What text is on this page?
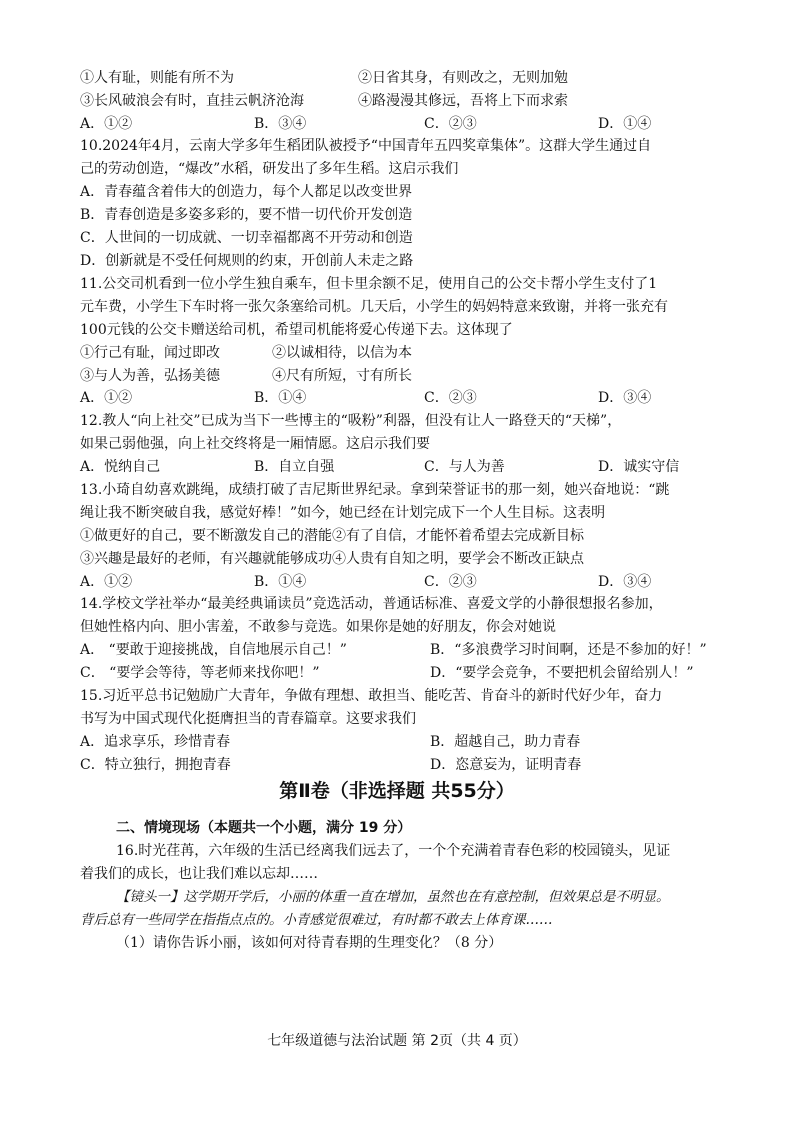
①人有耻，则能有所不为	②日省其身，有则改之，无则加勉
③长风破浪会有时，直挂云帆济沧海	④路漫漫其修远，吾将上下而求索
A．①②	B．③④	C．②③	D．①④
10.2024年4月，云南大学多年生稻团队被授予“中国青年五四奖章集体”。这群大学生通过自
己的劳动创造，“爆改”水稻，研发出了多年生稻。这启示我们
A．青春蕴含着伟大的创造力，每个人都足以改变世界
B．青春创造是多姿多彩的，要不惜一切代价开发创造
C．人世间的一切成就、一切幸福都离不开劳动和创造
D．创新就是不受任何规则的约束，开创前人未走之路
11.公交司机看到一位小学生独自乘车，但卡里余额不足，使用自己的公交卡帮小学生支付了1
元车费，小学生下车时将一张欠条塞给司机。几天后，小学生的妈妈特意来致谢，并将一张充有
100元钱的公交卡赠送给司机，希望司机能将爱心传递下去。这体现了
①行己有耻，闻过即改	②以诚相待，以信为本
③与人为善，弘扬美德	④尺有所短，寸有所长
A．①②	B．①④	C．②③	D．③④
12.教人“向上社交”已成为当下一些博主的“吸粉”利器，但没有让人一路登天的“天梯”，
如果己弱他强，向上社交终将是一厢情愿。这启示我们要
A．悦纳自己	B．自立自强	C．与人为善	D．诚实守信
13.小琦自幼喜欢跳绳，成绩打破了吉尼斯世界纪录。拿到荣誉证书的那一刻，她兴奋地说：“跳
绳让我不断突破自我，感觉好棒！”如今，她已经在计划完成下一个人生目标。这表明
①做更好的自己，要不断激发自己的潜能②有了自信，才能怀着希望去完成新目标
③兴趣是最好的老师，有兴趣就能够成功④人贵有自知之明，要学会不断改正缺点
A．①②	B．①④	C．②③	D．③④
14.学校文学社举办“最美经典诵读员”竞选活动，普通话标准、喜爱文学的小静很想报名参加，
但她性格内向、胆小害羞，不敢参与竞选。如果你是她的好朋友，你会对她说
A． “要敢于迎接挑战，自信地展示自己！”	B．“多浪费学习时间啊，还是不参加的好！”
C． “要学会等待，等老师来找你吧！”	D．“要学会竞争，不要把机会留给别人！”
15.习近平总书记勉励广大青年，争做有理想、敢担当、能吃苦、肯奋斗的新时代好少年，奋力
书写为中国式现代化挺膺担当的青春篇章。这要求我们
A．追求享乐，珍惜青春	B．超越自己，助力青春
C．特立独行，拥抱青春	D．恣意妄为，证明青春
第Ⅱ卷（非选择题 共55分）
二、情境现场（本题共一个小题，满分 19 分）
16.时光荏苒，六年级的生活已经离我们远去了，一个个充满着青春色彩的校园镜头，见证
着我们的成长，也让我们难以忘却……
【镜头一】这学期开学后，小丽的体重一直在增加，虽然也在有意控制，但效果总是不明显。
背后总有一些同学在指指点点的。小青感觉很难过，有时都不敢去上体育课……
（1）请你告诉小丽，该如何对待青春期的生理变化？（8 分）
七年级道德与法治试题 第 2页（共 4 页）
